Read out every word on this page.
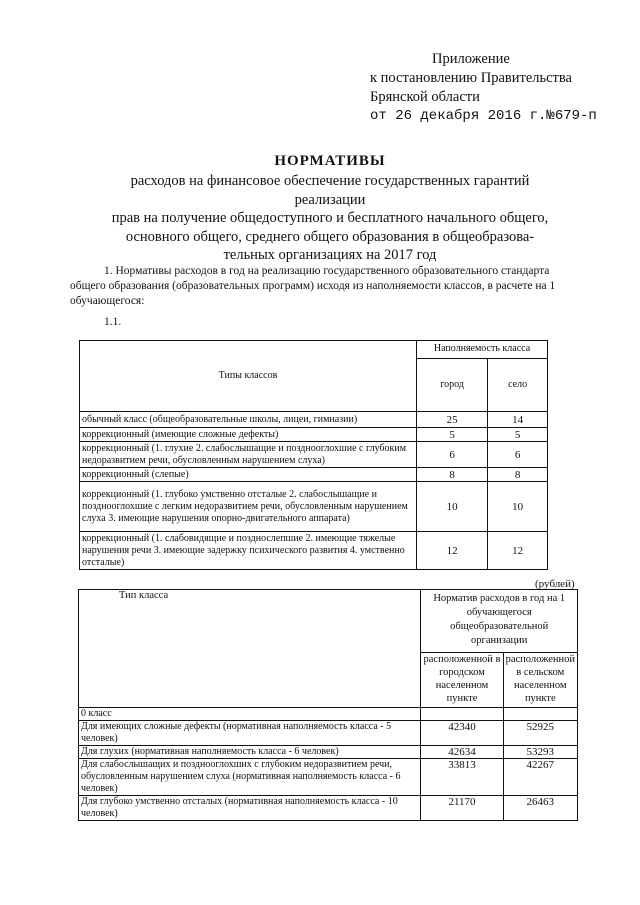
Приложение
к постановлению Правительства
Брянской области
от 26 декабря 2016 г.№679-п
НОРМАТИВЫ
расходов на финансовое обеспечение государственных гарантий реализации
прав на получение общедоступного и бесплатного начального общего,
основного общего, среднего общего образования в общеобразова-
тельных организациях на 2017 год
1. Нормативы расходов в год на реализацию государственного образовательного стандарта общего образования (образовательных программ) исходя из наполняемости классов, в расчете на 1 обучающегося:
1.1.
Типы классов	Наполняемость класса	
	город	село
обычный класс (общеобразовательные школы, лицеи, гимназии)	25	14
коррекционный (имеющие сложные дефекты)	5	5
коррекционный (1. глухие 2. слабослышащие и позднооглохшие с глубоким недоразвитием речи, обусловленным нарушением слуха)	6	6
коррекционный (слепые)	8	8
коррекционный (1. глубоко умственно отсталые 2. слабослышащие и позднооглохшие с легким недоразвитием речи, обусловленным нарушением слуха 3. имеющие нарушения опорно-двигательного аппарата)	10	10
коррекционный (1. слабовидящие и позднослепшие 2. имеющие тяжелые нарушения речи 3. имеющие задержку психического развития 4. умственно отсталые)	12	12
(рублей)
Тип класса	Норматив расходов в год на 1 обучающегося общеобразовательной организации	
	расположенной в городском населенном пункте	расположенной в сельском населенном пункте
0 класс		
Для имеющих сложные дефекты (нормативная наполняемость класса - 5 человек)	42340	52925
Для глухих (нормативная наполняемость класса - 6 человек)	42634	53293
Для слабослышащих и позднооглохших с глубоким недоразвитием речи, обусловленным нарушением слуха (нормативная наполняемость класса - 6 человек)	33813	42267
Для глубоко умственно отсталых (нормативная наполняемость класса - 10 человек)	21170	26463
